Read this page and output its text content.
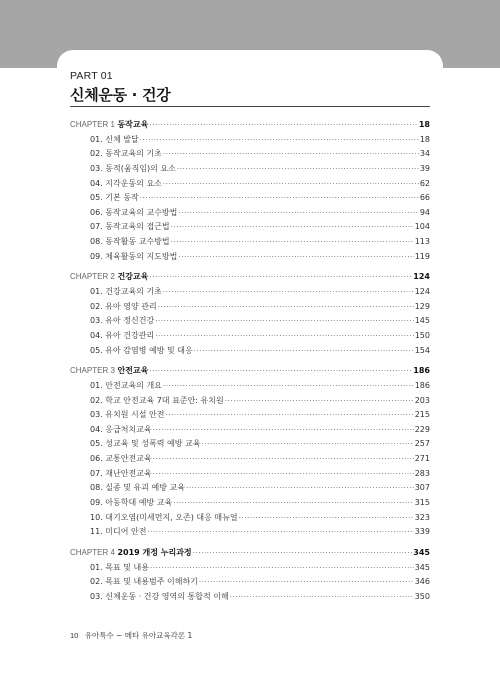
PART 01
신체운동 · 건강
CHAPTER 1 동작교육 ·····	18
01. 신체 발달 ·····	18
02. 동작교육의 기초 ·····	34
03. 동적(움직임)의 요소 ·····	39
04. 지각운동의 요소 ·····	62
05. 기본 동작 ·····	66
06. 동작교육의 교수방법 ·····	94
07. 동작교육의 접근법 ·····	104
08. 동작활동 교수방법 ·····	113
09. 체육활동의 지도방법 ·····	119
CHAPTER 2 건강교육 ·····	124
01. 건강교육의 기초 ·····	124
02. 유아 영양 관리 ·····	129
03. 유아 정신건강 ·····	145
04. 유아 건강관리 ·····	150
05. 유아 감염병 예방 및 대응 ·····	154
CHAPTER 3 안전교육 ·····	186
01. 안전교육의 개요 ·····	186
02. 학교 안전교육 7대 표준안: 유치원 ·····	203
03. 유치원 시설 안전 ·····	215
04. 응급처치교육 ·····	229
05. 성교육 및 성폭력 예방 교육 ·····	257
06. 교통안전교육 ·····	271
07. 재난안전교육 ·····	283
08. 실종 및 유괴 예방 교육 ·····	307
09. 아동학대 예방 교육 ·····	315
10. 대기오염(미세먼지, 오존) 대응 매뉴얼 ·····	323
11. 미디어 안전 ·····	339
CHAPTER 4 2019 개정 누리과정 ·····	345
01. 목표 및 내용 ·····	345
02. 목표 및 내용범주 이해하기 ·····	346
03. 신체운동 · 건강 영역의 통합적 이해 ·····	350
10 유아특수 − 메타 유아교육각론 1
